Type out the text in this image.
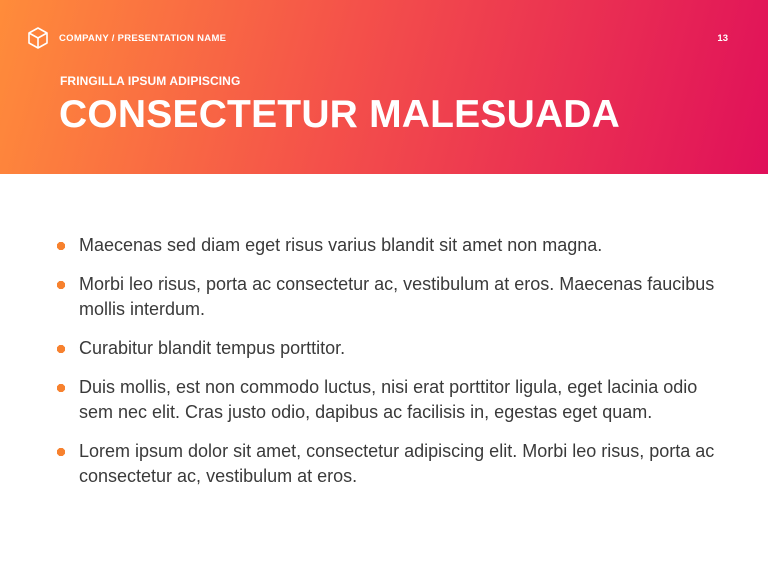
COMPANY / PRESENTATION NAME	13
FRINGILLA IPSUM ADIPISCING
CONSECTETUR MALESUADA
Maecenas sed diam eget risus varius blandit sit amet non magna.
Morbi leo risus, porta ac consectetur ac, vestibulum at eros. Maecenas faucibus mollis interdum.
Curabitur blandit tempus porttitor.
Duis mollis, est non commodo luctus, nisi erat porttitor ligula, eget lacinia odio sem nec elit. Cras justo odio, dapibus ac facilisis in, egestas eget quam.
Lorem ipsum dolor sit amet, consectetur adipiscing elit. Morbi leo risus, porta ac consectetur ac, vestibulum at eros.
